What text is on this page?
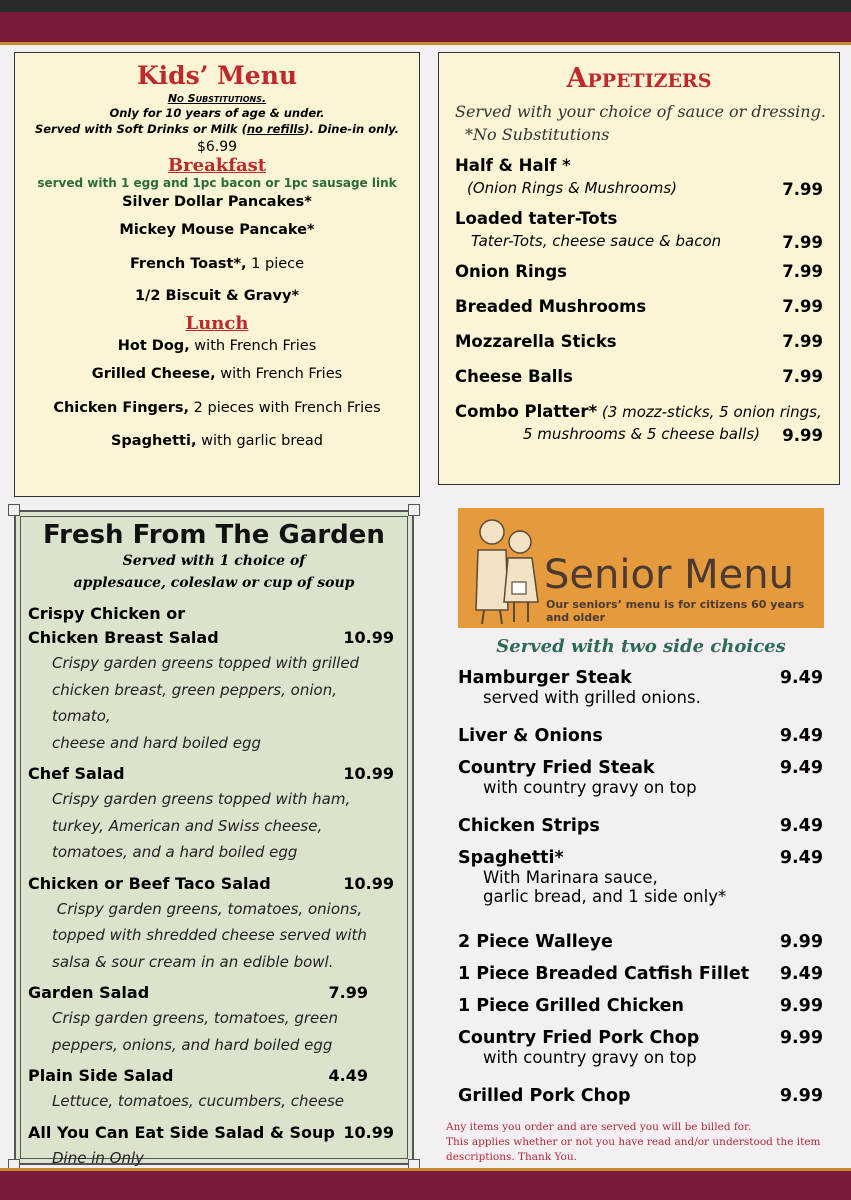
Kids’ Menu
No Substitutions.
Only for 10 years of age & under.
Served with Soft Drinks or Milk (no refills). Dine-in only.
$6.99
Breakfast
served with 1 egg and 1pc bacon or 1pc sausage link
Silver Dollar Pancakes*
Mickey Mouse Pancake*
French Toast*, 1 piece
1/2 Biscuit & Gravy*
Lunch
Hot Dog, with French Fries
Grilled Cheese, with French Fries
Chicken Fingers, 2 pieces with French Fries
Spaghetti, with garlic bread
Appetizers
Served with your choice of sauce or dressing.
*No Substitutions
Half & Half *
(Onion Rings & Mushrooms)	7.99
Loaded tater-Tots
Tater-Tots, cheese sauce & bacon	7.99
Onion Rings	7.99
Breaded Mushrooms	7.99
Mozzarella Sticks	7.99
Cheese Balls	7.99
Combo Platter* (3 mozz-sticks, 5 onion rings,
5 mushrooms & 5 cheese balls)	9.99
Fresh From The Garden
Served with 1 choice of
applesauce, coleslaw or cup of soup
Crispy Chicken or
Chicken Breast Salad	10.99
Crispy garden greens topped with grilled
chicken breast, green peppers, onion, tomato,
cheese and hard boiled egg
Chef Salad	10.99
Crispy garden greens topped with ham,
turkey, American and Swiss cheese,
tomatoes, and a hard boiled egg
Chicken or Beef Taco Salad	10.99
Crispy garden greens, tomatoes, onions,
topped with shredded cheese served with
salsa & sour cream in an edible bowl.
Garden Salad	7.99
Crisp garden greens, tomatoes, green
peppers, onions, and hard boiled egg
Plain Side Salad	4.49
Lettuce, tomatoes, cucumbers, cheese
All You Can Eat Side Salad & Soup 10.99
Dine in Only
Senior Menu
Our seniors’ menu is for citizens 60 years and older
Served with two side choices
Hamburger Steak	9.49
served with grilled onions.
Liver & Onions	9.49
Country Fried Steak	9.49
with country gravy on top
Chicken Strips	9.49
Spaghetti*	9.49
With Marinara sauce,
garlic bread, and 1 side only*
2 Piece Walleye	9.99
1 Piece Breaded Catfish Fillet	9.49
1 Piece Grilled Chicken	9.99
Country Fried Pork Chop	9.99
with country gravy on top
Grilled Pork Chop	9.99
Any items you order and are served you will be billed for.
This applies whether or not you have read and/or understood the item
descriptions. Thank You.
